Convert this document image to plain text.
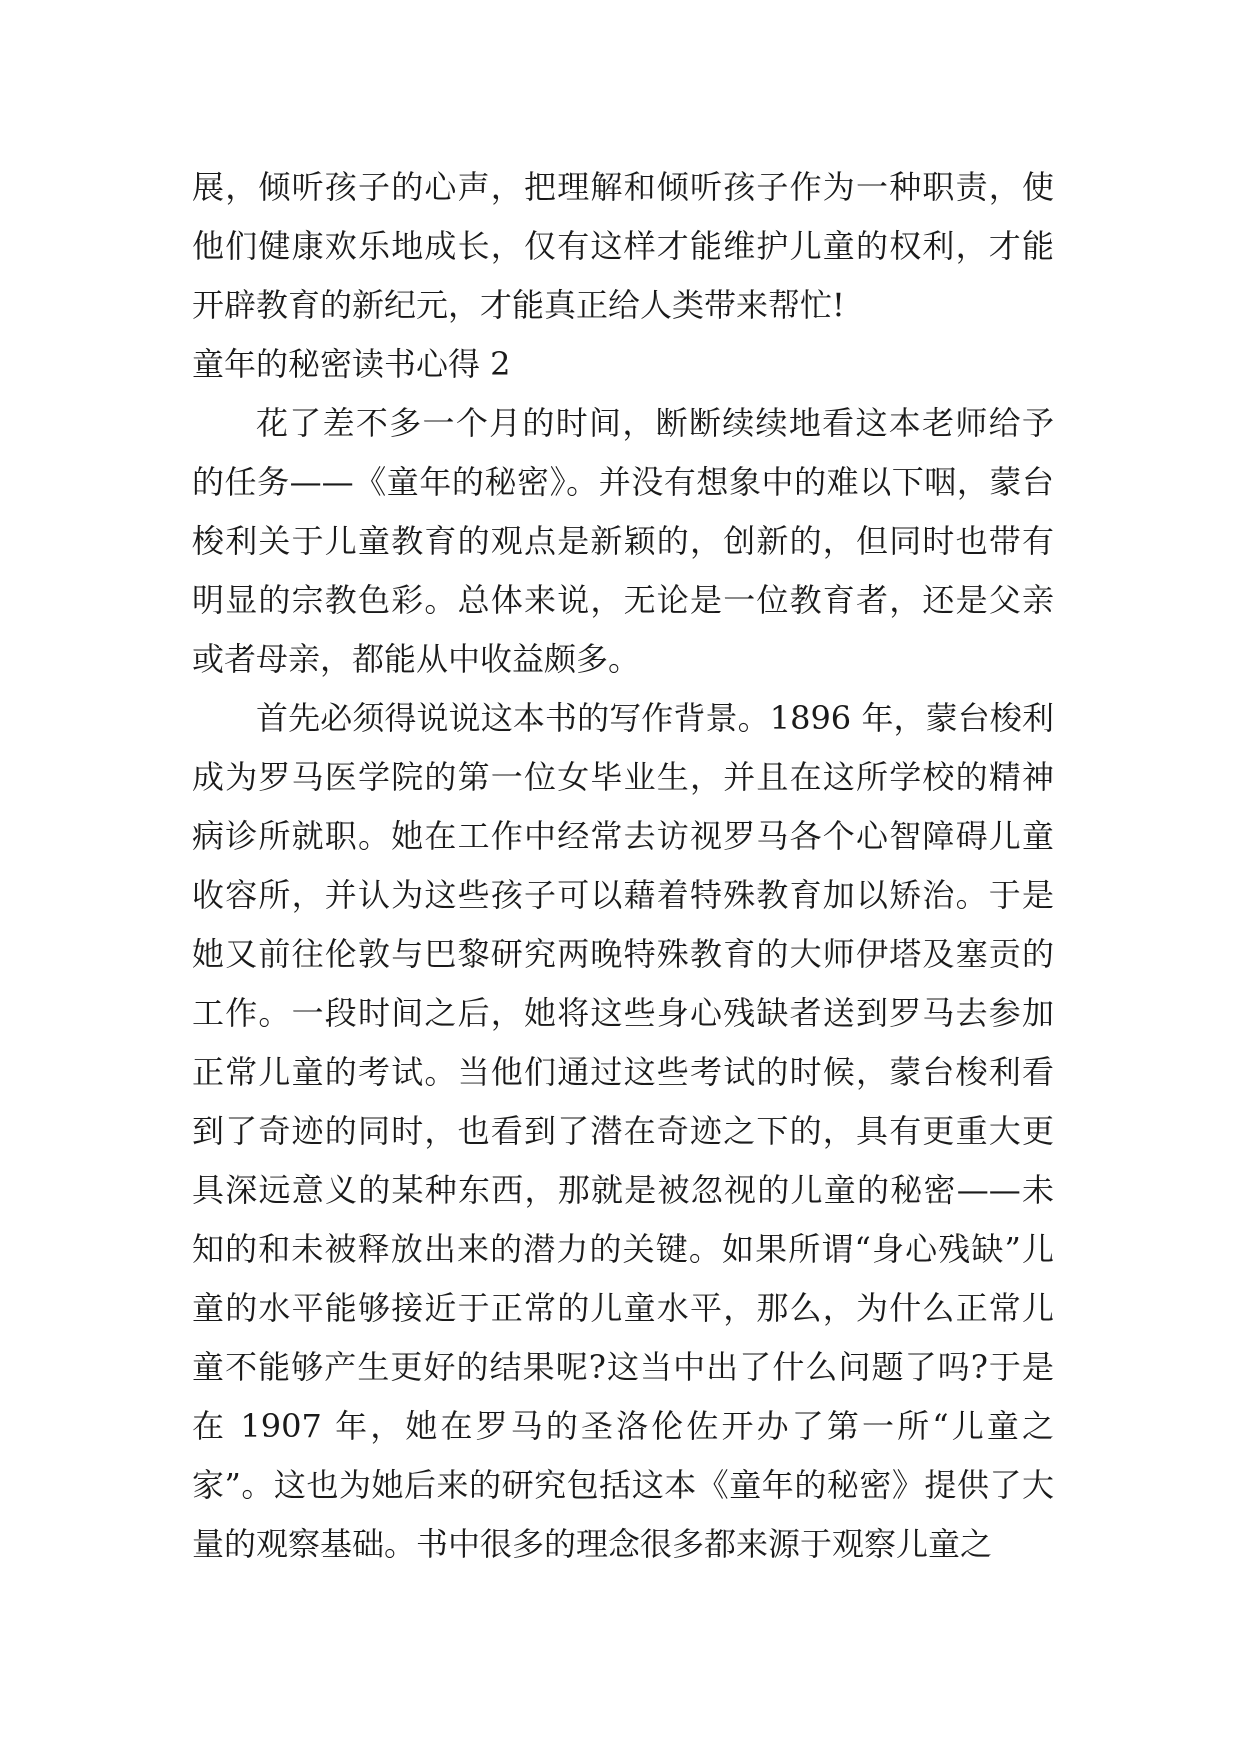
展，倾听孩子的心声，把理解和倾听孩子作为一种职责，使他们健康欢乐地成长，仅有这样才能维护儿童的权利，才能开辟教育的新纪元，才能真正给人类带来帮忙!

童年的秘密读书心得 2

花了差不多一个月的时间，断断续续地看这本老师给予的任务——《童年的秘密》。并没有想象中的难以下咽，蒙台梭利关于儿童教育的观点是新颖的，创新的，但同时也带有明显的宗教色彩。总体来说，无论是一位教育者，还是父亲或者母亲，都能从中收益颇多。

首先必须得说说这本书的写作背景。1896 年，蒙台梭利成为罗马医学院的第一位女毕业生，并且在这所学校的精神病诊所就职。她在工作中经常去访视罗马各个心智障碍儿童收容所，并认为这些孩子可以藉着特殊教育加以矫治。于是她又前往伦敦与巴黎研究两晚特殊教育的大师伊塔及塞贡的工作。一段时间之后，她将这些身心残缺者送到罗马去参加正常儿童的考试。当他们通过这些考试的时候，蒙台梭利看到了奇迹的同时，也看到了潜在奇迹之下的，具有更重大更具深远意义的某种东西，那就是被忽视的儿童的秘密——未知的和未被释放出来的潜力的关键。如果所谓“身心残缺”儿童的水平能够接近于正常的儿童水平，那么，为什么正常儿童不能够产生更好的结果呢?这当中出了什么问题了吗?于是在 1907 年，她在罗马的圣洛伦佐开办了第一所“儿童之家”。这也为她后来的研究包括这本《童年的秘密》提供了大量的观察基础。书中很多的理念很多都来源于观察儿童之
